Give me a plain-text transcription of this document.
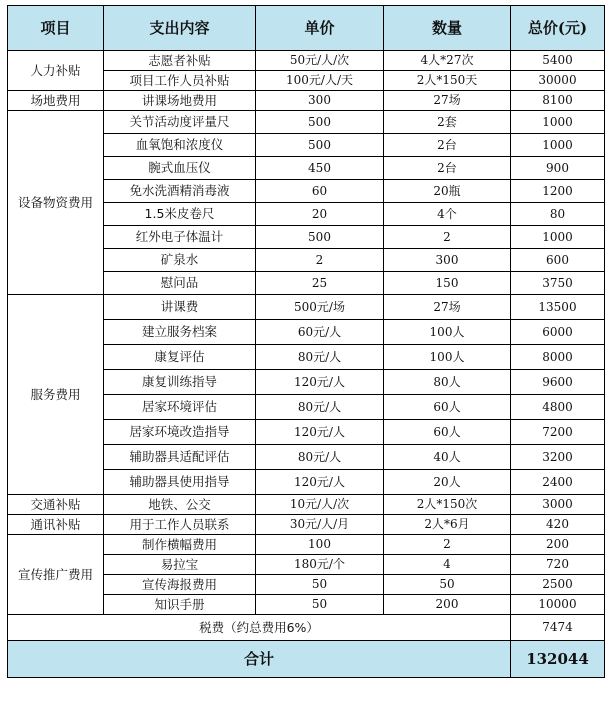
项目	支出内容	单价	数量	总价(元)
人力补贴	志愿者补贴	50元/人/次	4人*27次	5400
	项目工作人员补贴	100元/人/天	2人*150天	30000
场地费用	讲课场地费用	300	27场	8100
设备物资费用	关节活动度评量尺	500	2套	1000
	血氧饱和浓度仪	500	2台	1000
	腕式血压仪	450	2台	900
	免水洗酒精消毒液	60	20瓶	1200
	1.5米皮卷尺	20	4个	80
	红外电子体温计	500	2	1000
	矿泉水	2	300	600
	慰问品	25	150	3750
服务费用	讲课费	500元/场	27场	13500
	建立服务档案	60元/人	100人	6000
	康复评估	80元/人	100人	8000
	康复训练指导	120元/人	80人	9600
	居家环境评估	80元/人	60人	4800
	居家环境改造指导	120元/人	60人	7200
	辅助器具适配评估	80元/人	40人	3200
	辅助器具使用指导	120元/人	20人	2400
交通补贴	地铁、公交	10元/人/次	2人*150次	3000
通讯补贴	用于工作人员联系	30元/人/月	2人*6月	420
宣传推广费用	制作横幅费用	100	2	200
	易拉宝	180元/个	4	720
	宣传海报费用	50	50	2500
	知识手册	50	200	10000
税费（约总费用6%）				7474
合计				132044
